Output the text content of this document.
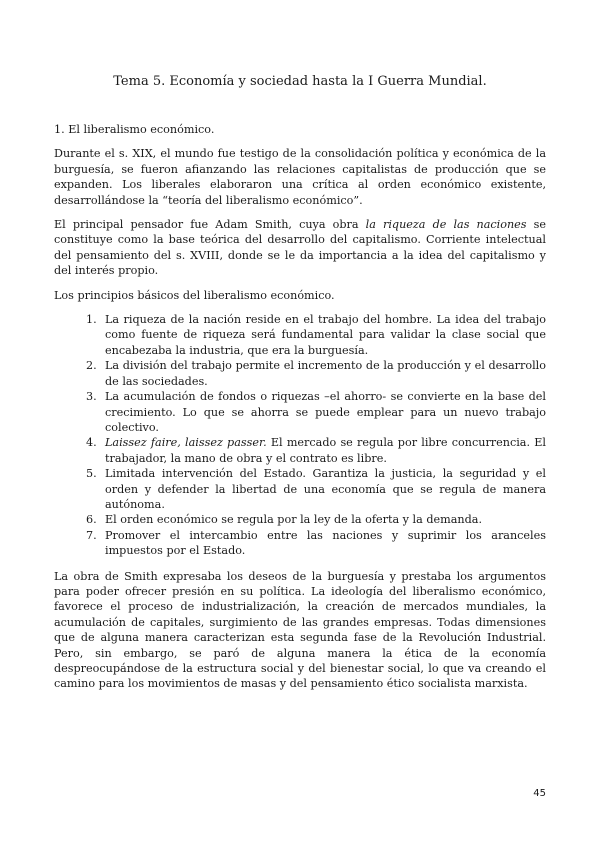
Tema 5. Economía y sociedad hasta la I Guerra Mundial.
1. El liberalismo económico.

Durante el s. XIX, el mundo fue testigo de la consolidación política y económica de la burguesía, se fueron afianzando las relaciones capitalistas de producción que se expanden. Los liberales elaboraron una crítica al orden económico existente, desarrollándose la “teoría del liberalismo económico”.

El principal pensador fue Adam Smith, cuya obra la riqueza de las naciones se constituye como la base teórica del desarrollo del capitalismo. Corriente intelectual del pensamiento del s. XVIII, donde se le da importancia a la idea del capitalismo y del interés propio.

Los principios básicos del liberalismo económico.

1. La riqueza de la nación reside en el trabajo del hombre. La idea del trabajo como fuente de riqueza será fundamental para validar la clase social que encabezaba la industria, que era la burguesía.
2. La división del trabajo permite el incremento de la producción y el desarrollo de las sociedades.
3. La acumulación de fondos o riquezas –el ahorro- se convierte en la base del crecimiento. Lo que se ahorra se puede emplear para un nuevo trabajo colectivo.
4. Laissez faire, laissez passer. El mercado se regula por libre concurrencia. El trabajador, la mano de obra y el contrato es libre.
5. Limitada intervención del Estado. Garantiza la justicia, la seguridad y el orden y defender la libertad de una economía que se regula de manera autónoma.
6. El orden económico se regula por la ley de la oferta y la demanda.
7. Promover el intercambio entre las naciones y suprimir los aranceles impuestos por el Estado.

La obra de Smith expresaba los deseos de la burguesía y prestaba los argumentos para poder ofrecer presión en su política. La ideología del liberalismo económico, favorece el proceso de industrialización, la creación de mercados mundiales, la acumulación de capitales, surgimiento de las grandes empresas. Todas dimensiones que de alguna manera caracterizan esta segunda fase de la Revolución Industrial. Pero, sin embargo, se paró de alguna manera la ética de la economía despreocupándose de la estructura social y del bienestar social, lo que va creando el camino para los movimientos de masas y del pensamiento ético socialista marxista.

45
